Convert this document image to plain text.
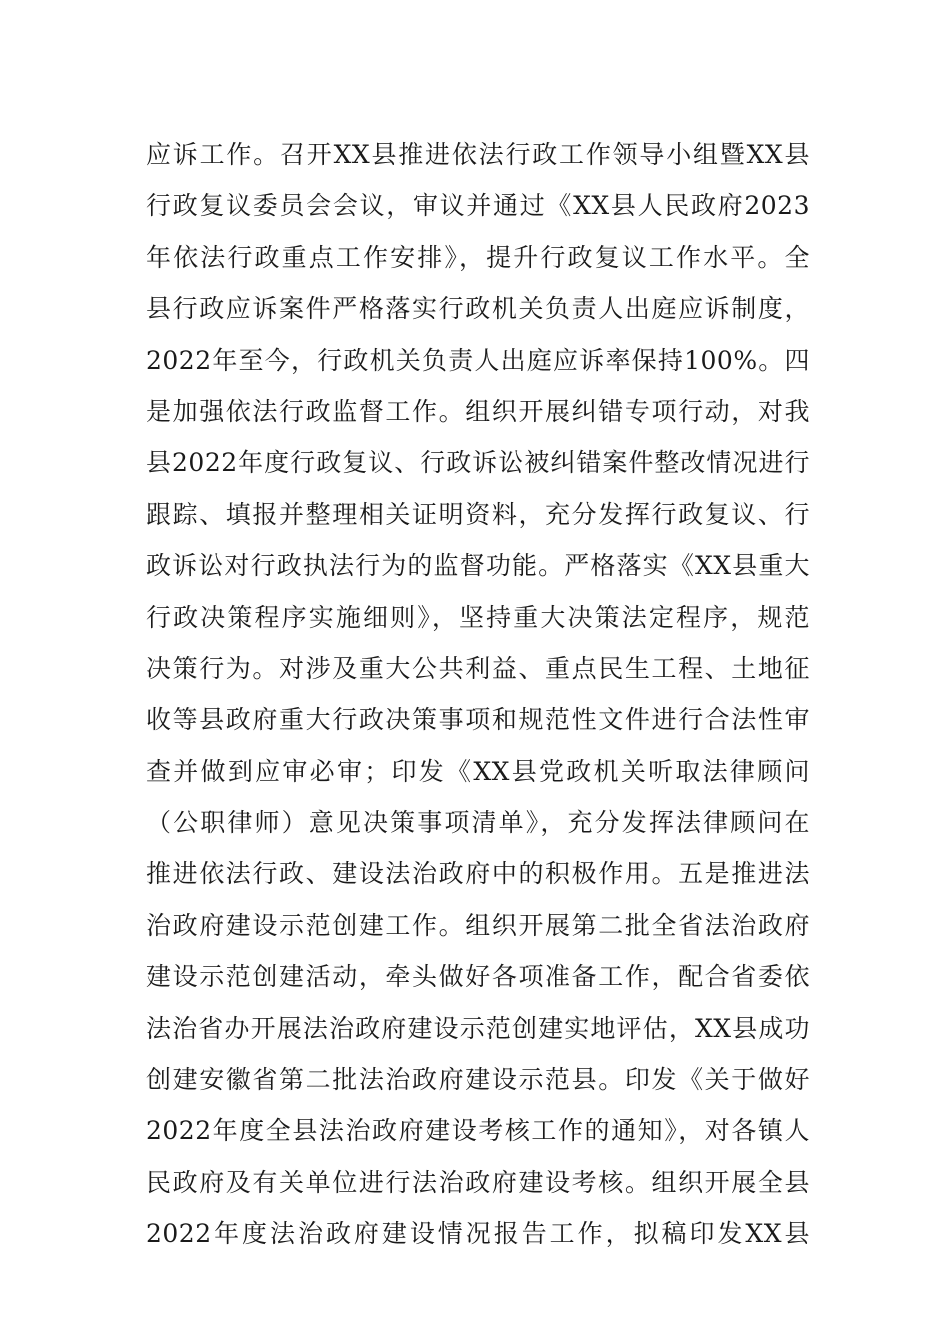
应诉工作。召开XX县推进依法行政工作领导小组暨XX县
行政复议委员会会议，审议并通过《XX县人民政府2023
年依法行政重点工作安排》，提升行政复议工作水平。全
县行政应诉案件严格落实行政机关负责人出庭应诉制度，
2022年至今，行政机关负责人出庭应诉率保持100%。四
是加强依法行政监督工作。组织开展纠错专项行动，对我
县2022年度行政复议、行政诉讼被纠错案件整改情况进行
跟踪、填报并整理相关证明资料，充分发挥行政复议、行
政诉讼对行政执法行为的监督功能。严格落实《XX县重大
行政决策程序实施细则》，坚持重大决策法定程序，规范
决策行为。对涉及重大公共利益、重点民生工程、土地征
收等县政府重大行政决策事项和规范性文件进行合法性审
查并做到应审必审；印发《XX县党政机关听取法律顾问
（公职律师）意见决策事项清单》，充分发挥法律顾问在
推进依法行政、建设法治政府中的积极作用。五是推进法
治政府建设示范创建工作。组织开展第二批全省法治政府
建设示范创建活动，牵头做好各项准备工作，配合省委依
法治省办开展法治政府建设示范创建实地评估，XX县成功
创建安徽省第二批法治政府建设示范县。印发《关于做好
2022年度全县法治政府建设考核工作的通知》，对各镇人
民政府及有关单位进行法治政府建设考核。组织开展全县
2022年度法治政府建设情况报告工作，拟稿印发XX县
